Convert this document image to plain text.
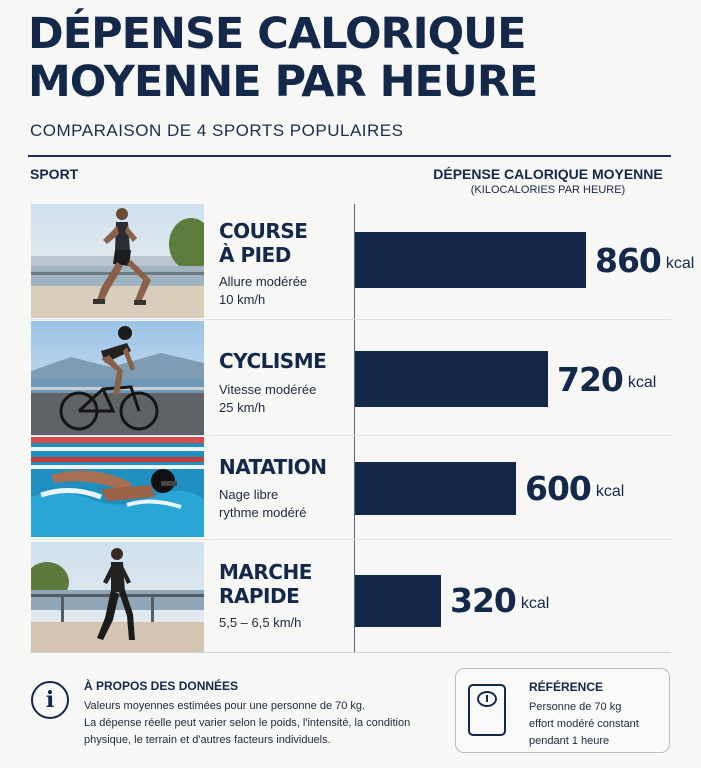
DÉPENSE CALORIQUE MOYENNE PAR HEURE
COMPARAISON DE 4 SPORTS POPULAIRES
SPORT	DÉPENSE CALORIQUE MOYENNE
(KILOCALORIES PAR HEURE)
COURSE
À PIED
Allure modérée
10 km/h
860 kcal
CYCLISME
Vitesse modérée
25 km/h
720 kcal
NATATION
Nage libre
rythme modéré
600 kcal
MARCHE
RAPIDE
5,5 – 6,5 km/h
320 kcal
i
À PROPOS DES DONNÉES
Valeurs moyennes estimées pour une personne de 70 kg.
La dépense réelle peut varier selon le poids, l'intensité, la condition physique, le terrain et d'autres facteurs individuels.
RÉFÉRENCE
Personne de 70 kg
effort modéré constant
pendant 1 heure
